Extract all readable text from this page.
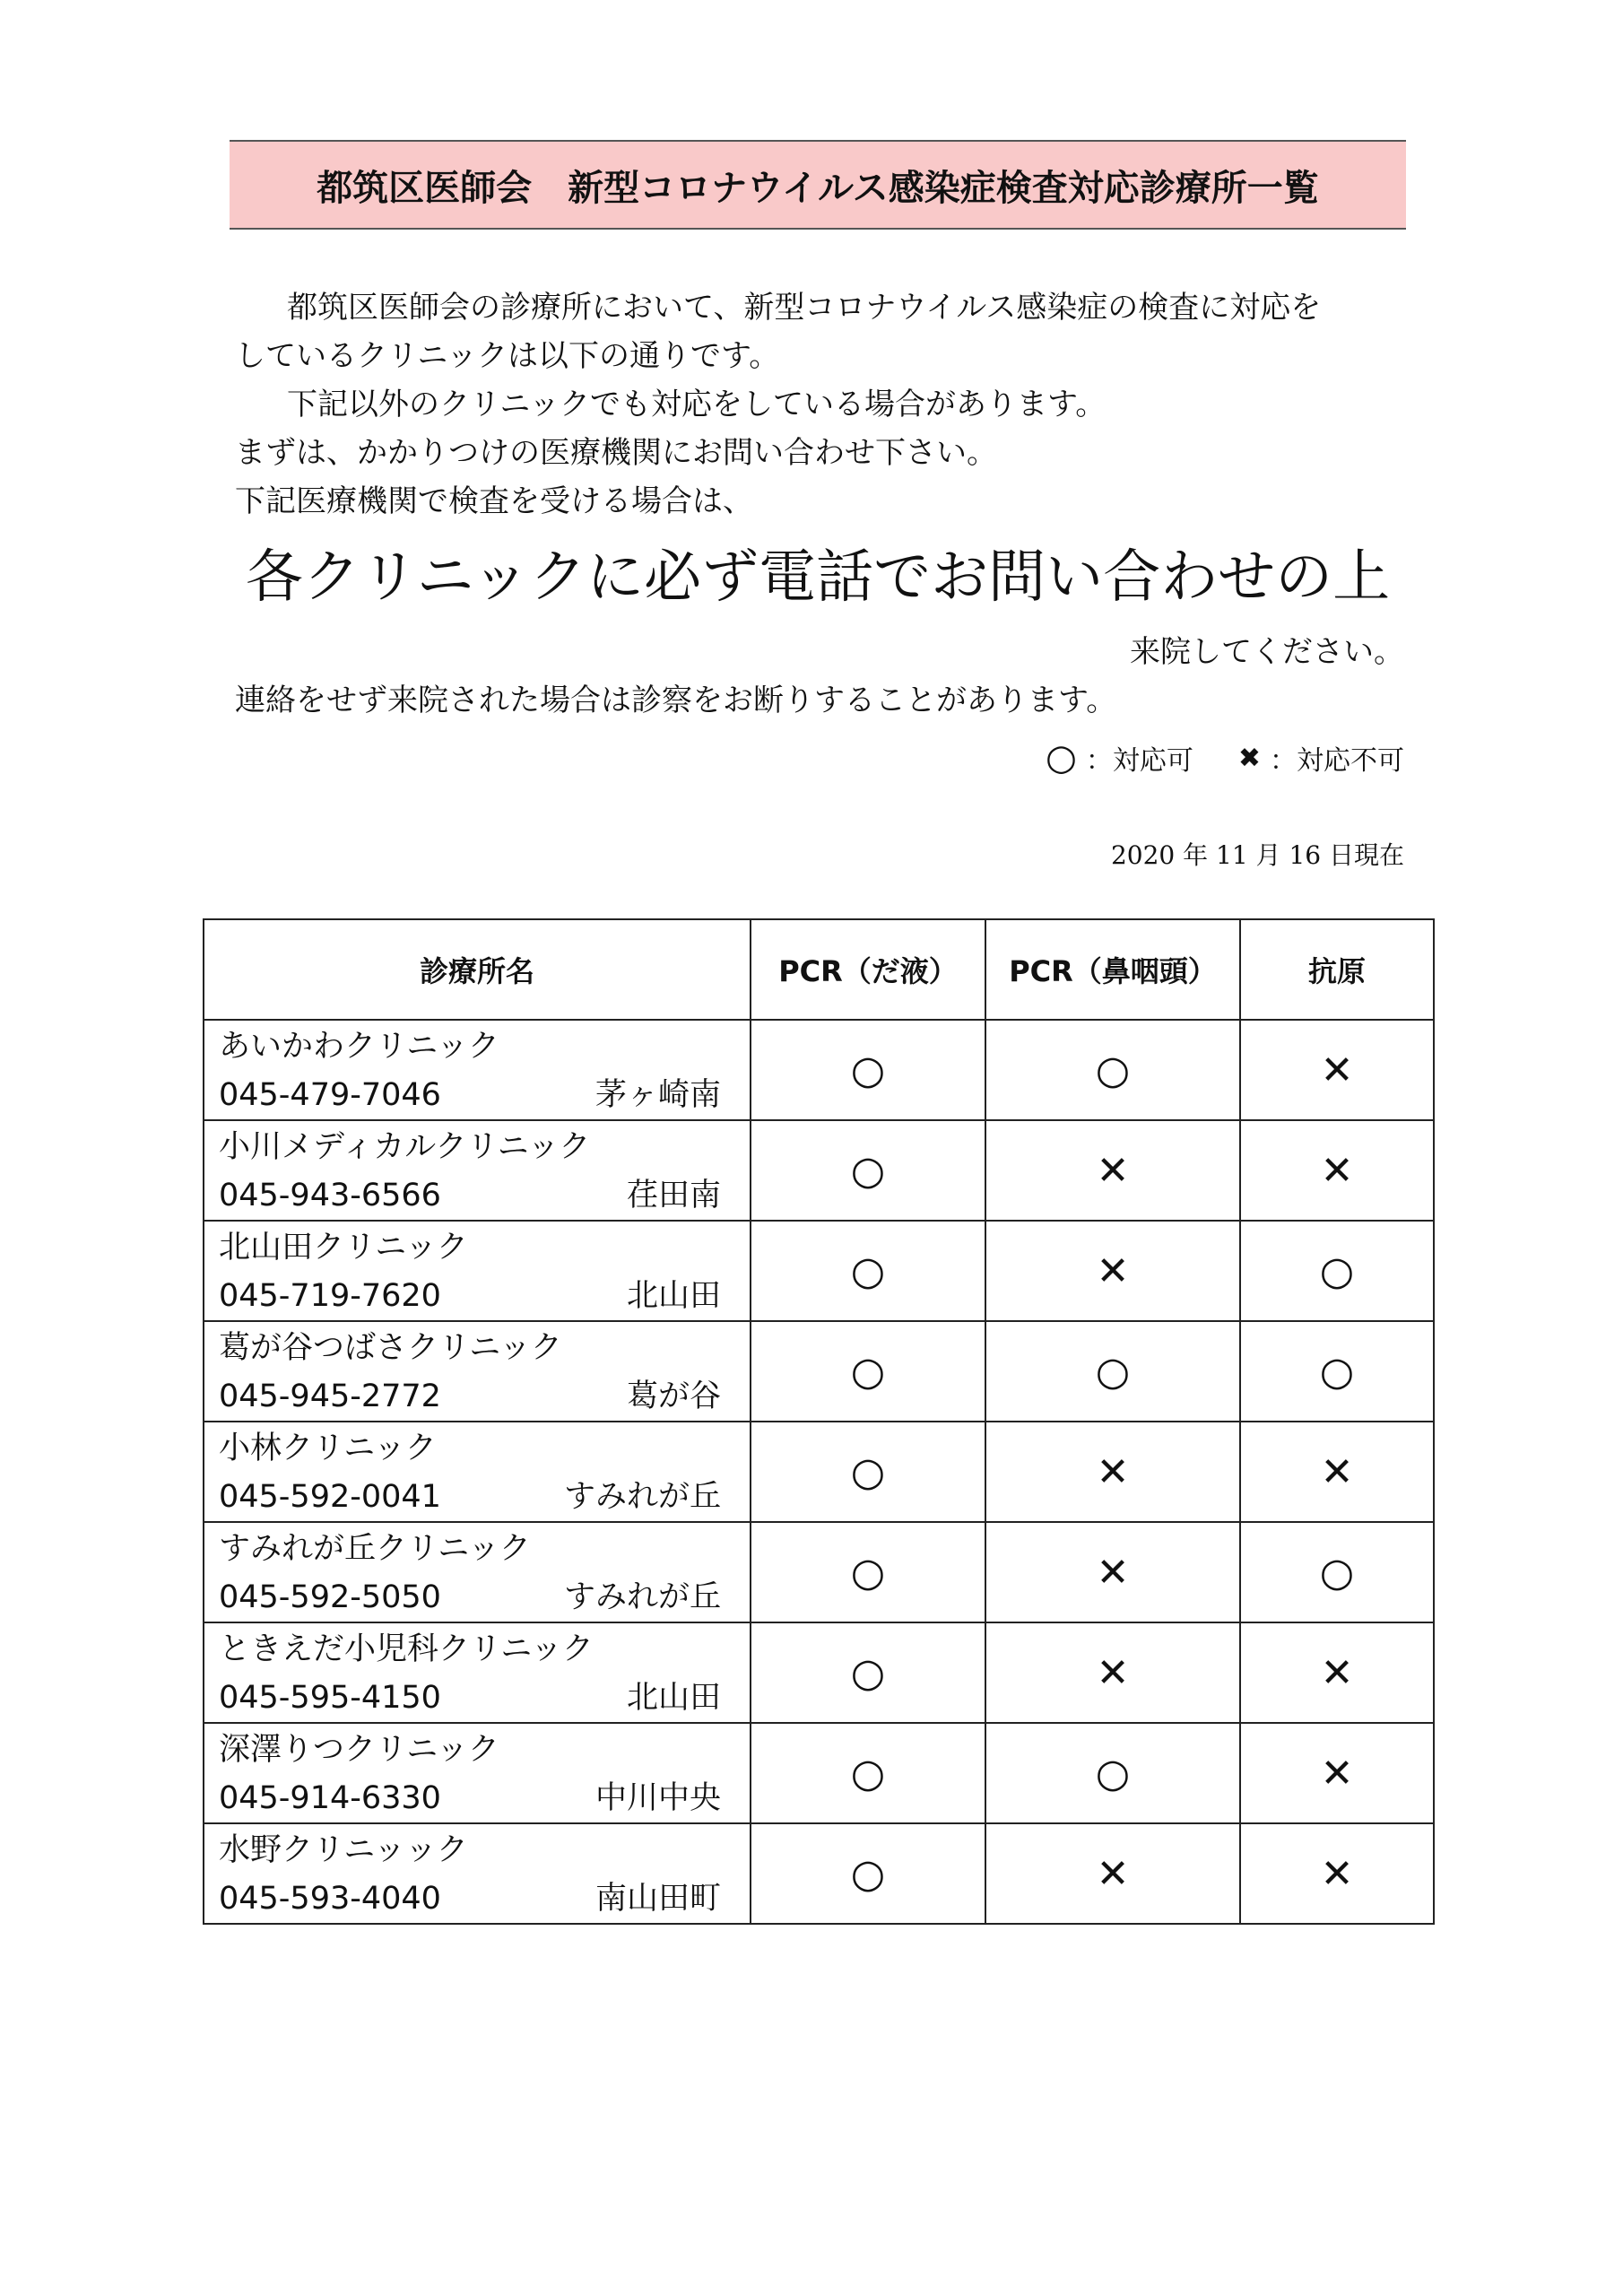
都筑区医師会　新型コロナウイルス感染症検査対応診療所一覧
　都筑区医師会の診療所において、新型コロナウイルス感染症の検査に対応を
しているクリニックは以下の通りです。
　下記以外のクリニックでも対応をしている場合があります。
まずは、かかりつけの医療機関にお問い合わせ下さい。
下記医療機関で検査を受ける場合は、
各クリニックに必ず電話でお問い合わせの上
来院してください。
連絡をせず来院された場合は診察をお断りすることがあります。
○ ：対応可 ✖ ：対応不可
2020 年 11 月 16 日現在
診療所名	PCR（だ液）	PCR（鼻咽頭）	抗原

あいかわクリニック
045-479-7046 茅ヶ崎南	○	○	✕

小川メディカルクリニック
045-943-6566 荏田南	○	✕	✕

北山田クリニック
045-719-7620 北山田	○	✕	○

葛が谷つばさクリニック
045-945-2772 葛が谷	○	○	○

小林クリニック
045-592-0041 すみれが丘	○	✕	✕

すみれが丘クリニック
045-592-5050 すみれが丘	○	✕	○

ときえだ小児科クリニック
045-595-4150 北山田	○	✕	✕

深澤りつクリニック
045-914-6330 中川中央	○	○	✕

水野クリニッック
045-593-4040 南山田町	○	✕	✕
